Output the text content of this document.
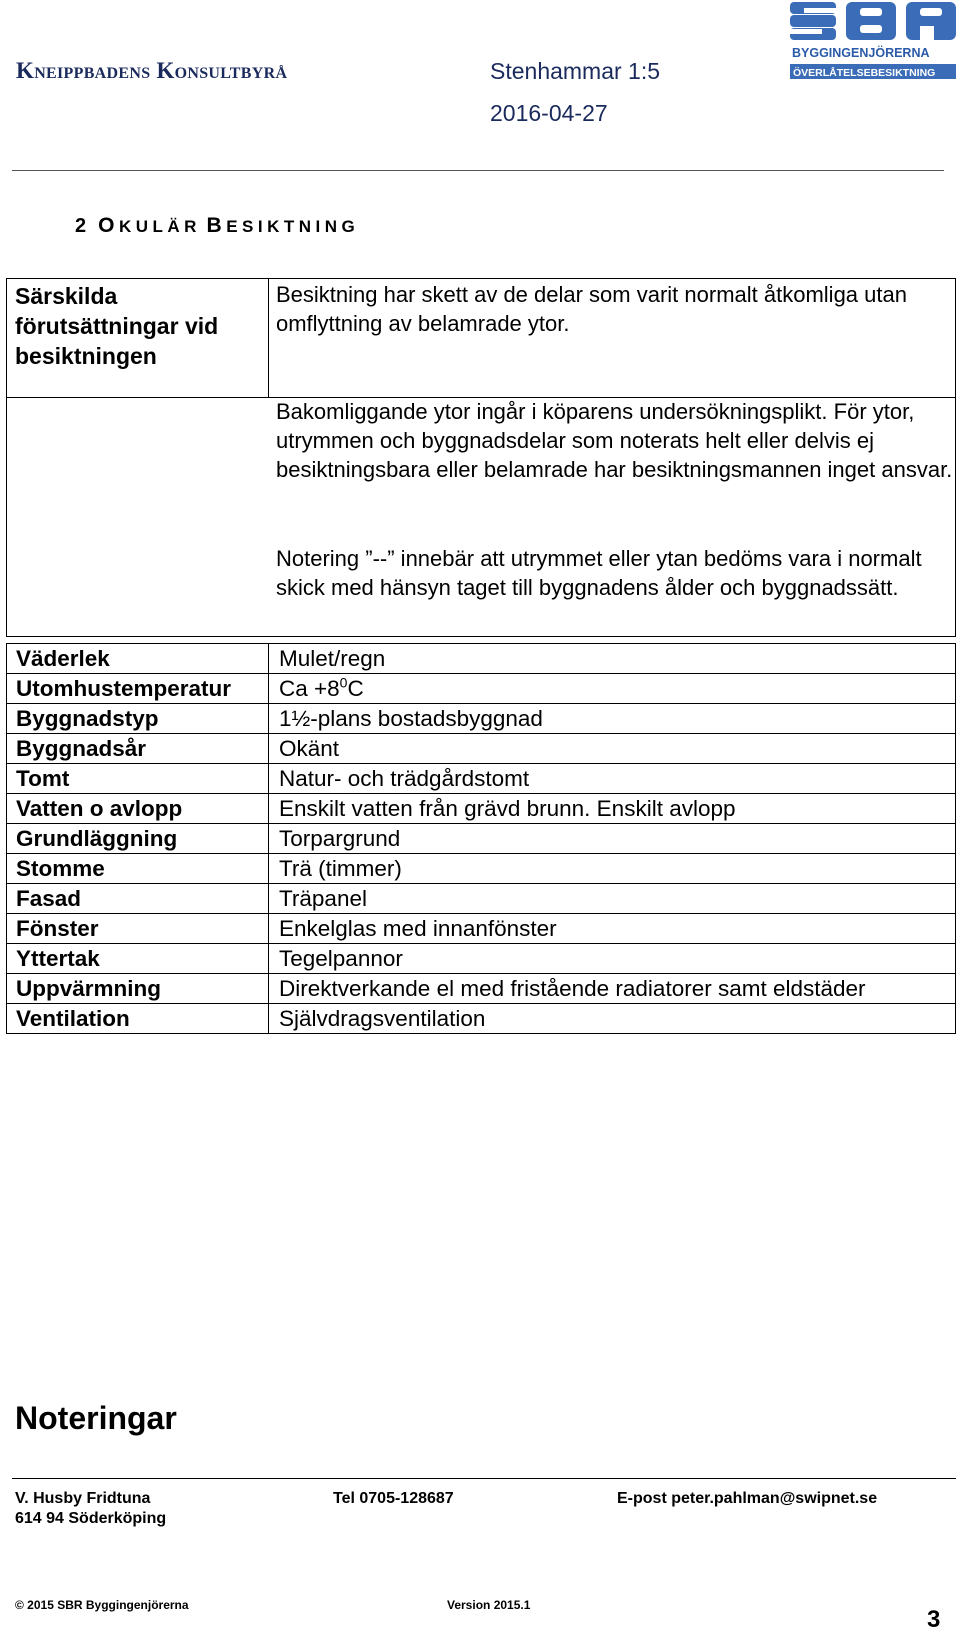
Kneippbadens Konsultbyrå	Stenhammar 1:5
2016-04-27
BYGGINGENJÖRERNA
ÖVERLÅTELSEBESIKTNING
2 OKULÄR BESIKTNING
Särskilda förutsättningar vid besiktningen
Besiktning har skett av de delar som varit normalt åtkomliga utan omflyttning av belamrade ytor.
Bakomliggande ytor ingår i köparens undersökningsplikt. För ytor, utrymmen och byggnadsdelar som noterats helt eller delvis ej besiktningsbara eller belamrade har besiktningsmannen inget ansvar.
Notering ”--” innebär att utrymmet eller ytan bedöms vara i normalt skick med hänsyn taget till byggnadens ålder och byggnadssätt.
Väderlek	Mulet/regn
Utomhustemperatur	$Ca +8^0C$
Byggnadstyp	1½-plans bostadsbyggnad
Byggnadsår	Okänt
Tomt	Natur- och trädgårdstomt
Vatten o avlopp	Enskilt vatten från grävd brunn. Enskilt avlopp
Grundläggning	Torpargrund
Stomme	Trä (timmer)
Fasad	Träpanel
Fönster	Enkelglas med innanfönster
Yttertak	Tegelpannor
Uppvärmning	Direktverkande el med fristående radiatorer samt eldstäder
Ventilation	Självdragsventilation
Noteringar
V. Husby Fridtuna
614 94 Söderköping
Tel 0705-128687	E-post peter.pahlman@swipnet.se
© 2015 SBR Byggingenjörerna	Version 2015.1
3
